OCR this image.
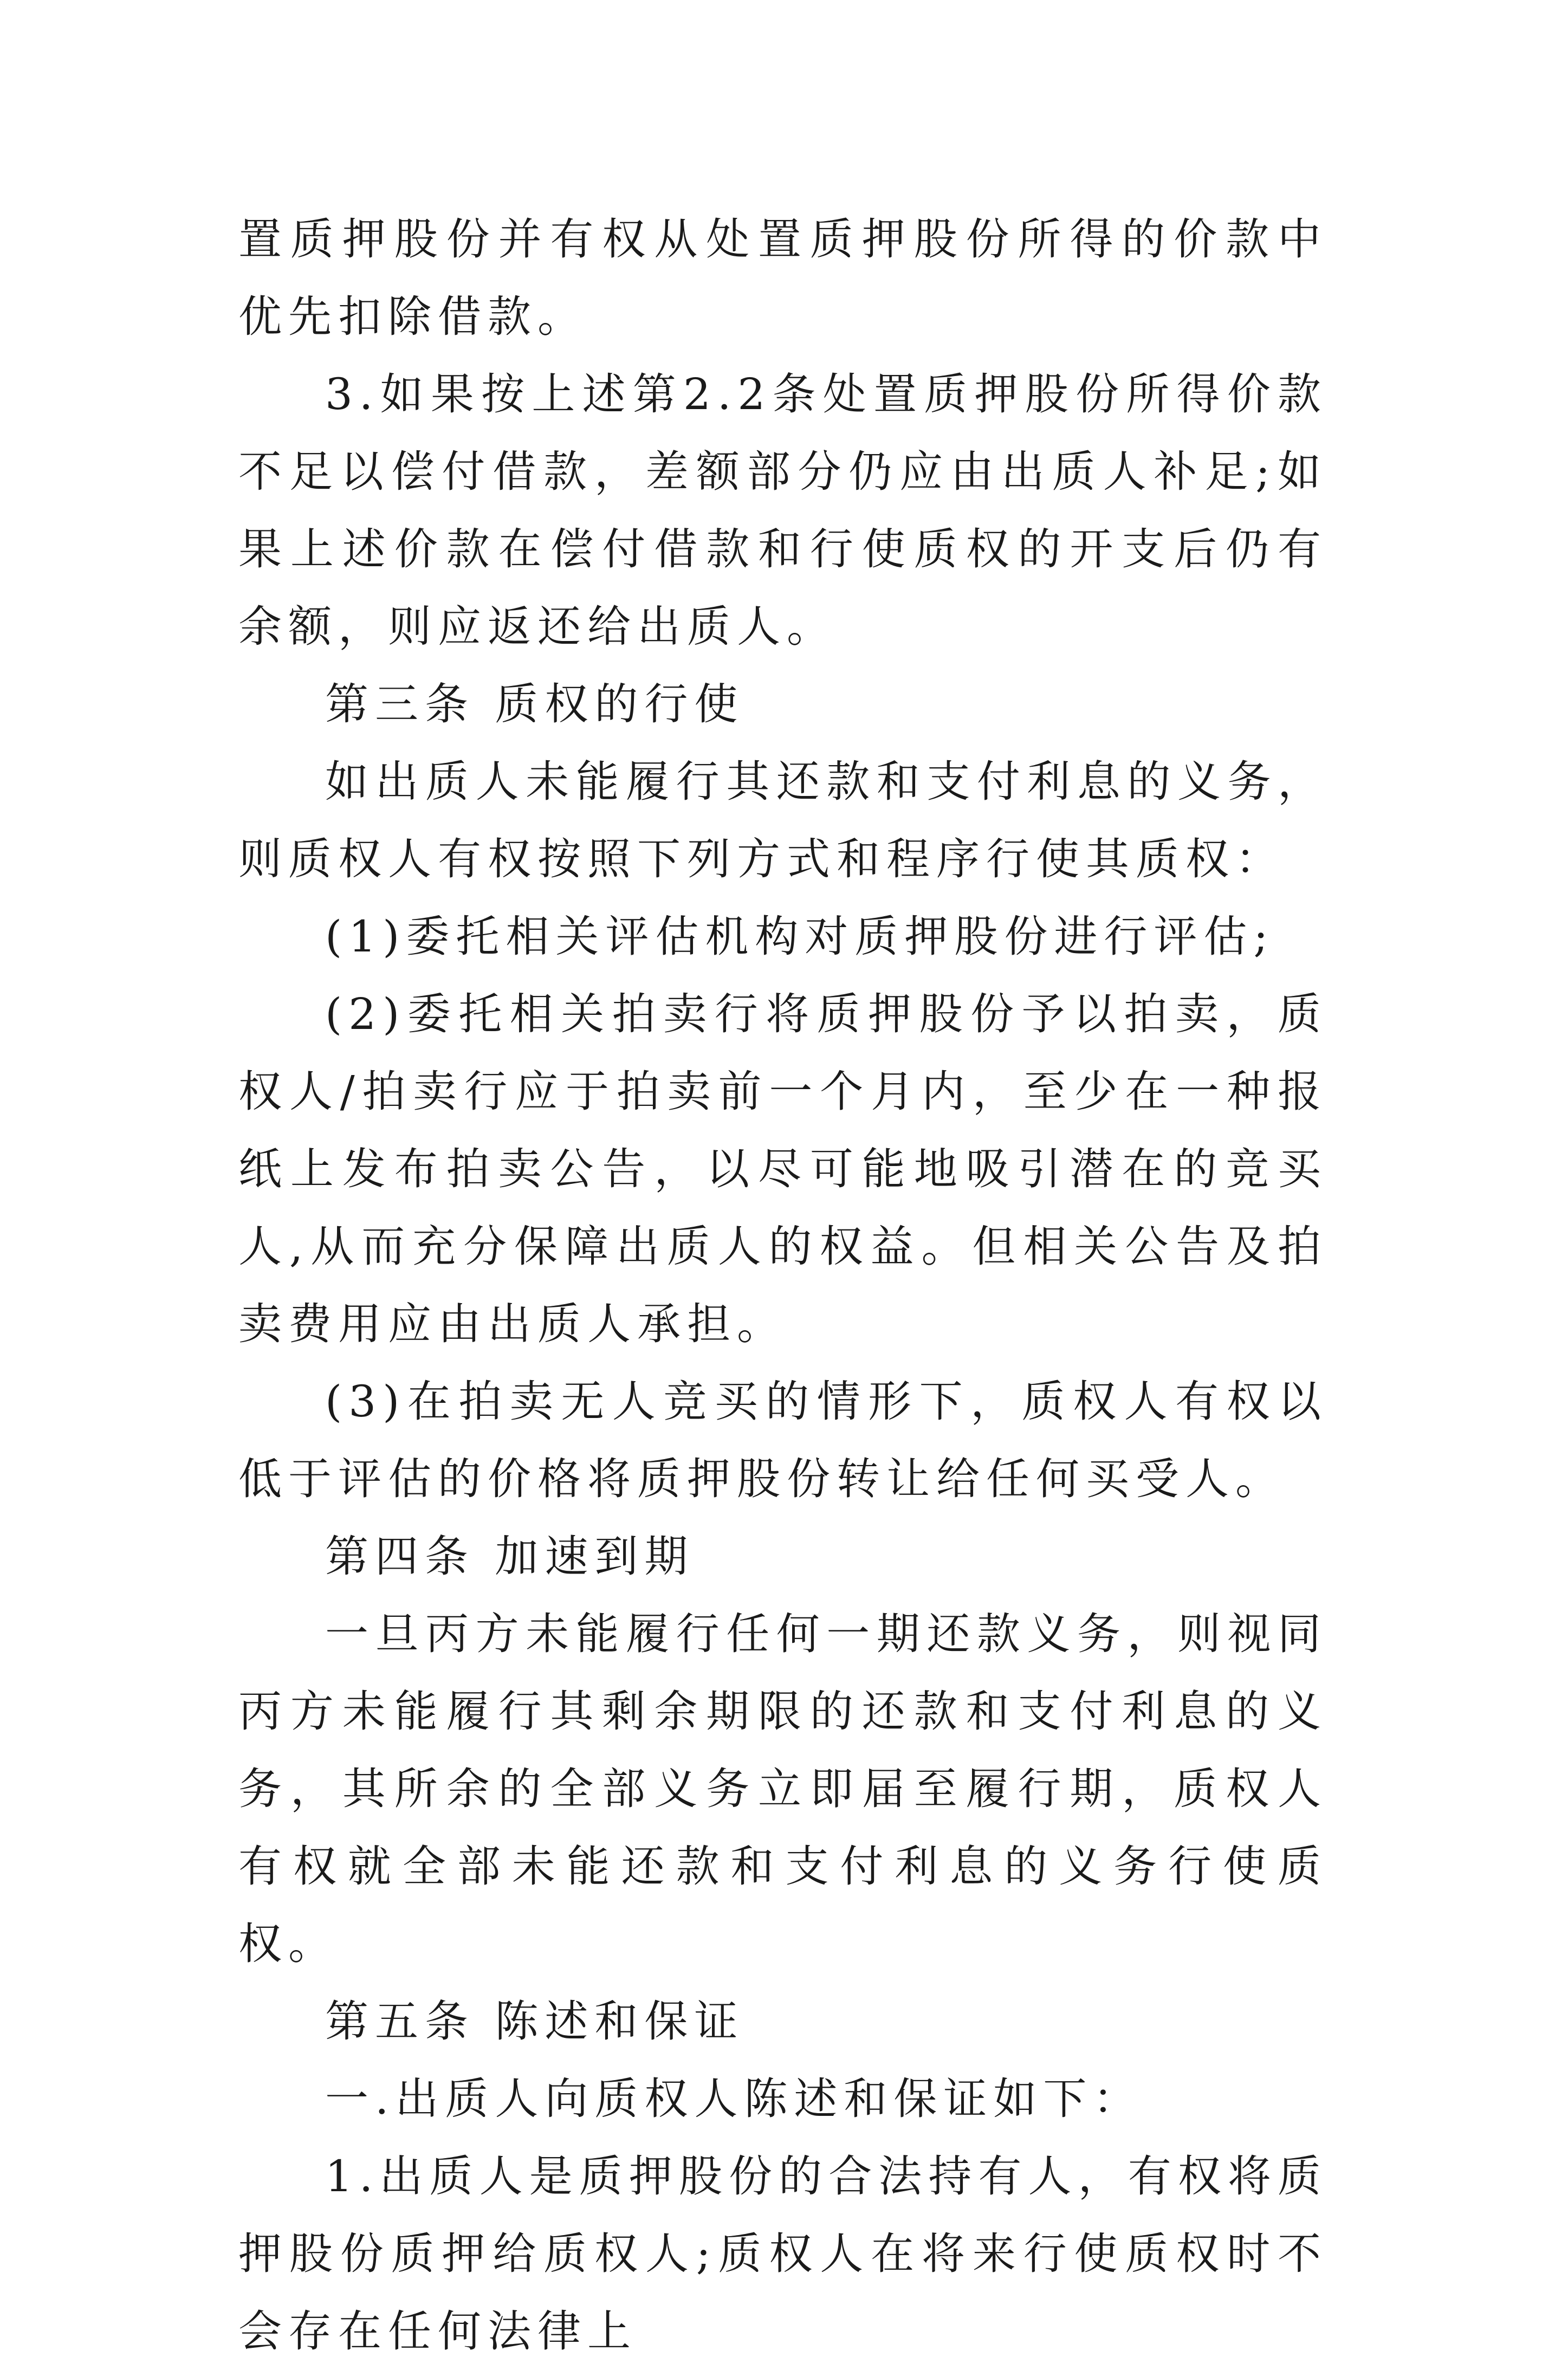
置质押股份并有权从处置质押股份所得的价款中优先扣除借款。

3.如果按上述第2.2条处置质押股份所得价款不足以偿付借款，差额部分仍应由出质人补足;如果上述价款在偿付借款和行使质权的开支后仍有余额，则应返还给出质人。

第三条 质权的行使

如出质人未能履行其还款和支付利息的义务，则质权人有权按照下列方式和程序行使其质权：

(1)委托相关评估机构对质押股份进行评估;

(2)委托相关拍卖行将质押股份予以拍卖，质权人/拍卖行应于拍卖前一个月内，至少在一种报纸上发布拍卖公告，以尽可能地吸引潜在的竞买人,从而充分保障出质人的权益。但相关公告及拍卖费用应由出质人承担。

(3)在拍卖无人竞买的情形下，质权人有权以低于评估的价格将质押股份转让给任何买受人。

第四条 加速到期

一旦丙方未能履行任何一期还款义务，则视同丙方未能履行其剩余期限的还款和支付利息的义务，其所余的全部义务立即届至履行期，质权人有权就全部未能还款和支付利息的义务行使质权。

第五条 陈述和保证

一.出质人向质权人陈述和保证如下：

1.出质人是质押股份的合法持有人，有权将质押股份质押给质权人;质权人在将来行使质权时不会存在任何法律上
